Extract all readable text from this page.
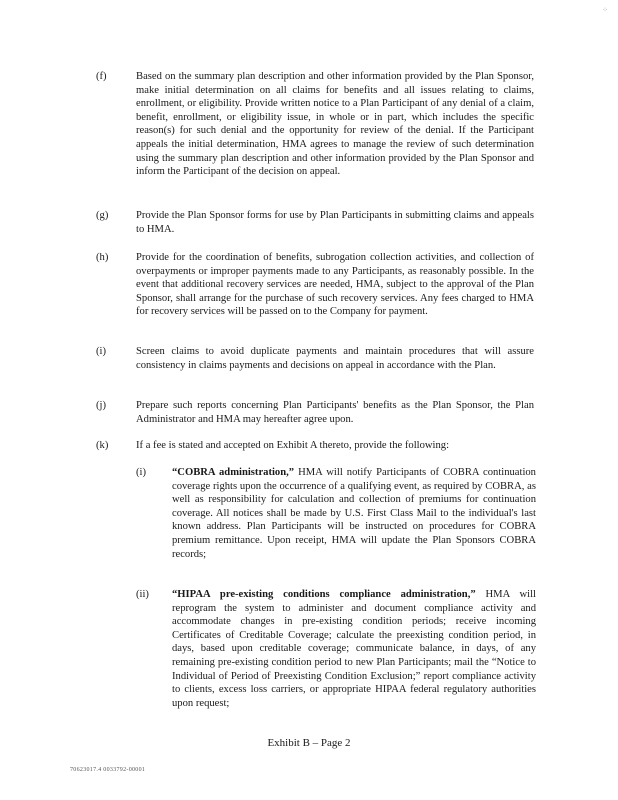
⁘
(f)	Based on the summary plan description and other information provided by the Plan Sponsor, make initial determination on all claims for benefits and all issues relating to claims, enrollment, or eligibility. Provide written notice to a Plan Participant of any denial of a claim, benefit, enrollment, or eligibility issue, in whole or in part, which includes the specific reason(s) for such denial and the opportunity for review of the denial. If the Participant appeals the initial determination, HMA agrees to manage the review of such determination using the summary plan description and other information provided by the Plan Sponsor and inform the Participant of the decision on appeal.
(g)	Provide the Plan Sponsor forms for use by Plan Participants in submitting claims and appeals to HMA.
(h)	Provide for the coordination of benefits, subrogation collection activities, and collection of overpayments or improper payments made to any Participants, as reasonably possible. In the event that additional recovery services are needed, HMA, subject to the approval of the Plan Sponsor, shall arrange for the purchase of such recovery services. Any fees charged to HMA for recovery services will be passed on to the Company for payment.
(i)	Screen claims to avoid duplicate payments and maintain procedures that will assure consistency in claims payments and decisions on appeal in accordance with the Plan.
(j)	Prepare such reports concerning Plan Participants' benefits as the Plan Sponsor, the Plan Administrator and HMA may hereafter agree upon.
(k)	If a fee is stated and accepted on Exhibit A thereto, provide the following:
(i) “COBRA administration,” HMA will notify Participants of COBRA continuation coverage rights upon the occurrence of a qualifying event, as required by COBRA, as well as responsibility for calculation and collection of premiums for continuation coverage. All notices shall be made by U.S. First Class Mail to the individual's last known address. Plan Participants will be instructed on procedures for COBRA premium remittance. Upon receipt, HMA will update the Plan Sponsors COBRA records;
(ii) “HIPAA pre-existing conditions compliance administration,” HMA will reprogram the system to administer and document compliance activity and accommodate changes in pre-existing condition periods; receive incoming Certificates of Creditable Coverage; calculate the preexisting condition period, in days, based upon creditable coverage; communicate balance, in days, of any remaining pre-existing condition period to new Plan Participants; mail the “Notice to Individual of Period of Preexisting Condition Exclusion;” report compliance activity to clients, excess loss carriers, or appropriate HIPAA federal regulatory authorities upon request;
Exhibit B – Page 2
70623017.4 0033792-00001
